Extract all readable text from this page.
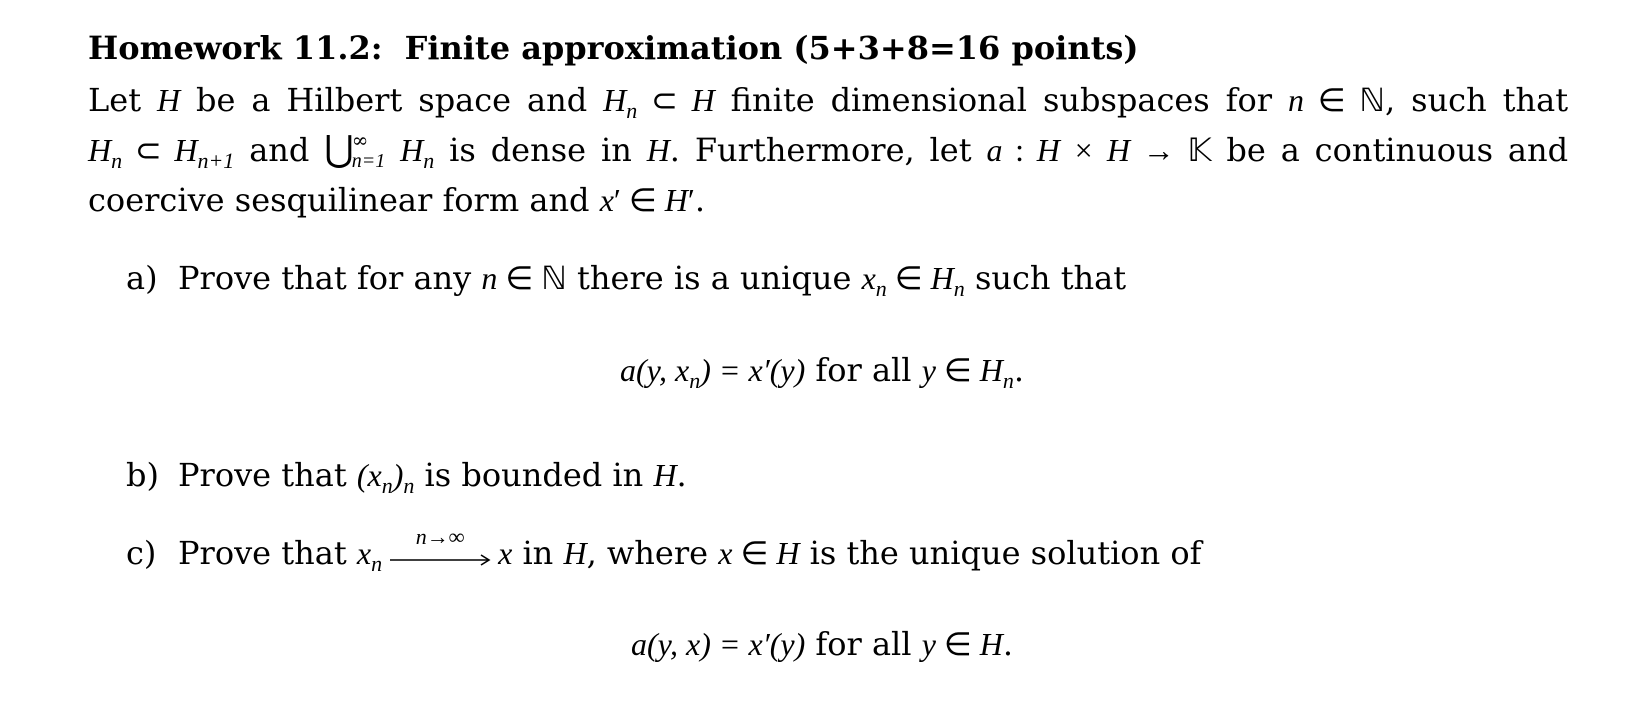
Homework 11.2: Finite approximation (5+3+8=16 points)
Let H be a Hilbert space and $H_n$ ⊂ H finite dimensional subspaces for n ∈ ℕ, such that
$H_n$ ⊂ $H_{n+1}$ and ⋃∞
n=1 $H_n$ is dense in H. Furthermore, let a : H × H → 𝕂 be a continuous and
coercive sesquilinear form and x′ ∈ H′.
a) Prove that for any n ∈ ℕ there is a unique $x_n$ ∈ $H_n$ such that
a(y, $x_n) = x'(y)$ for all y ∈ $H_n$.
b) Prove that $(x_n)_n$ is bounded in H.
c) Prove that $x_n$
n→∞	x in H, where x ∈ H is the unique solution of
a(y, x) = x′(y) for all y ∈ H.
